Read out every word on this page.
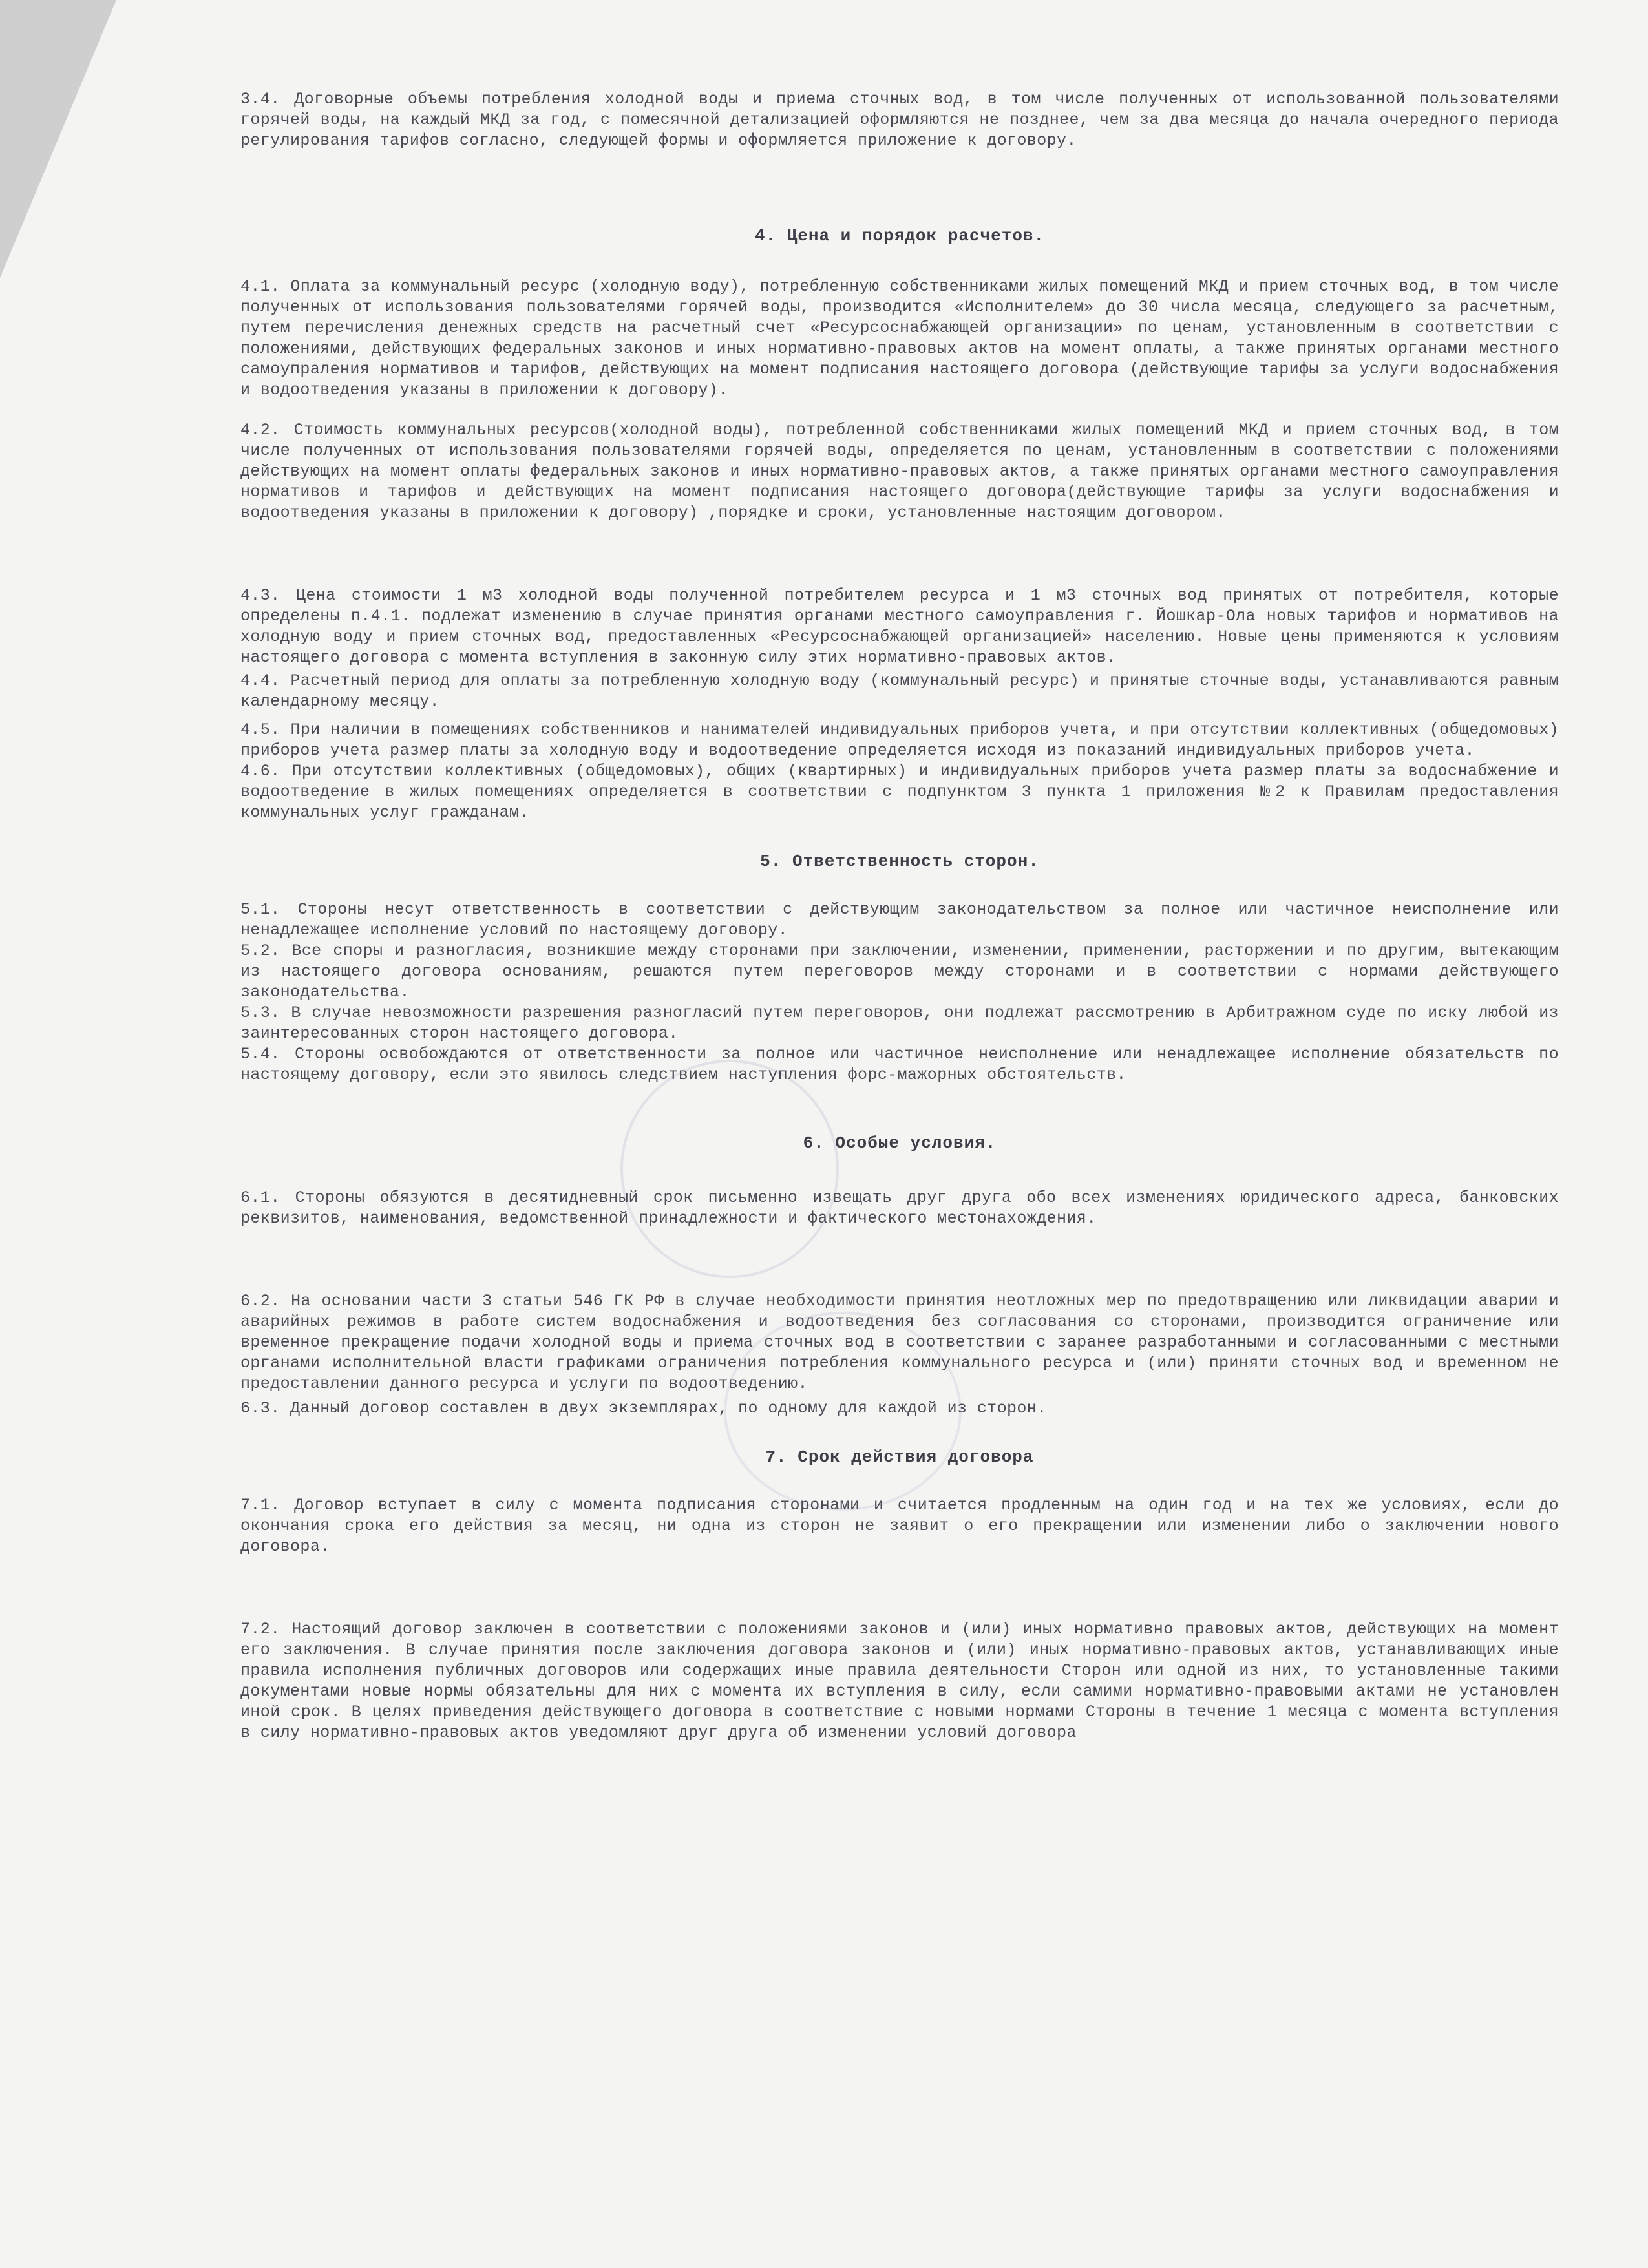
3.4. Договорные объемы потребления холодной воды и приема сточных вод, в том числе полученных от использованной пользователями горячей воды, на каждый МКД за год, с помесячной детализацией оформляются не позднее, чем за два месяца до начала очередного периода регулирования тарифов согласно, следующей формы и оформляется приложение к договору.

4. Цена и порядок расчетов.

4.1. Оплата за коммунальный ресурс (холодную воду), потребленную собственниками жилых помещений МКД и прием сточных вод, в том числе полученных от использования пользователями горячей воды, производится «Исполнителем» до 30 числа месяца, следующего за расчетным, путем перечисления денежных средств на расчетный счет «Ресурсоснабжающей организации» по ценам, установленным в соответствии с положениями, действующих федеральных законов и иных нормативно-правовых актов на момент оплаты, а также принятых органами местного самоупраления нормативов и тарифов, действующих на момент подписания настоящего договора (действующие тарифы за услуги водоснабжения и водоотведения указаны в приложении к договору).

4.2. Стоимость коммунальных ресурсов(холодной воды), потребленной собственниками жилых помещений МКД и прием сточных вод, в том числе полученных от использования пользователями горячей воды, определяется по ценам, установленным в соответствии с положениями действующих на момент оплаты федеральных законов и иных нормативно-правовых актов, а также принятых органами местного самоуправления нормативов и тарифов и действующих на момент подписания настоящего договора(действующие тарифы за услуги водоснабжения и водоотведения указаны в приложении к договору) ,порядке и сроки, установленные настоящим договором.

4.3. Цена стоимости 1 м3 холодной воды полученной потребителем ресурса и 1 м3 сточных вод принятых от потребителя, которые определены п.4.1. подлежат изменению в случае принятия органами местного самоуправления г. Йошкар-Ола новых тарифов и нормативов на холодную воду и прием сточных вод, предоставленных «Ресурсоснабжающей организацией» населению. Новые цены применяются к условиям настоящего договора с момента вступления в законную силу этих нормативно-правовых актов.

4.4. Расчетный период для оплаты за потребленную холодную воду (коммунальный ресурс) и принятые сточные воды, устанавливаются равным календарному месяцу.

4.5. При наличии в помещениях собственников и нанимателей индивидуальных приборов учета, и при отсутствии коллективных (общедомовых) приборов учета размер платы за холодную воду и водоотведение определяется исходя из показаний индивидуальных приборов учета.

4.6. При отсутствии коллективных (общедомовых), общих (квартирных) и индивидуальных приборов учета размер платы за водоснабжение и водоотведение в жилых помещениях определяется в соответствии с подпунктом 3 пункта 1 приложения №2 к Правилам предоставления коммунальных услуг гражданам.

5. Ответственность сторон.

5.1. Стороны несут ответственность в соответствии с действующим законодательством за полное или частичное неисполнение или ненадлежащее исполнение условий по настоящему договору.

5.2. Все споры и разногласия, возникшие между сторонами при заключении, изменении, применении, расторжении и по другим, вытекающим из настоящего договора основаниям, решаются путем переговоров между сторонами и в соответствии с нормами действующего законодательства.

5.3. В случае невозможности разрешения разногласий путем переговоров, они подлежат рассмотрению в Арбитражном суде по иску любой из заинтересованных сторон настоящего договора.

5.4. Стороны освобождаются от ответственности за полное или частичное неисполнение или ненадлежащее исполнение обязательств по настоящему договору, если это явилось следствием наступления форс-мажорных обстоятельств.

6. Особые условия.

6.1. Стороны обязуются в десятидневный срок письменно извещать друг друга обо всех изменениях юридического адреса, банковских реквизитов, наименования, ведомственной принадлежности и фактического местонахождения.

6.2. На основании части 3 статьи 546 ГК РФ в случае необходимости принятия неотложных мер по предотвращению или ликвидации аварии и аварийных режимов в работе систем водоснабжения и водоотведения без согласования со сторонами, производится ограничение или временное прекращение подачи холодной воды и приема сточных вод в соответствии с заранее разработанными и согласованными с местными органами исполнительной власти графиками ограничения потребления коммунального ресурса и (или) приняти сточных вод и временном не предоставлении данного ресурса и услуги по водоотведению.

6.3. Данный договор составлен в двух экземплярах, по одному для каждой из сторон.

7. Срок действия договора

7.1. Договор вступает в силу с момента подписания сторонами и считается продленным на один год и на тех же условиях, если до окончания срока его действия за месяц, ни одна из сторон не заявит о его прекращении или изменении либо о заключении нового договора.

7.2. Настоящий договор заключен в соответствии с положениями законов и (или) иных нормативно правовых актов, действующих на момент его заключения. В случае принятия после заключения договора законов и (или) иных нормативно-правовых актов, устанавливающих иные правила исполнения публичных договоров или содержащих иные правила деятельности Сторон или одной из них, то установленные такими документами новые нормы обязательны для них с момента их вступления в силу, если самими нормативно-правовыми актами не установлен иной срок. В целях приведения действующего договора в соответствие с новыми нормами Стороны в течение 1 месяца с момента вступления в силу нормативно-правовых актов уведомляют друг друга об изменении условий договора
